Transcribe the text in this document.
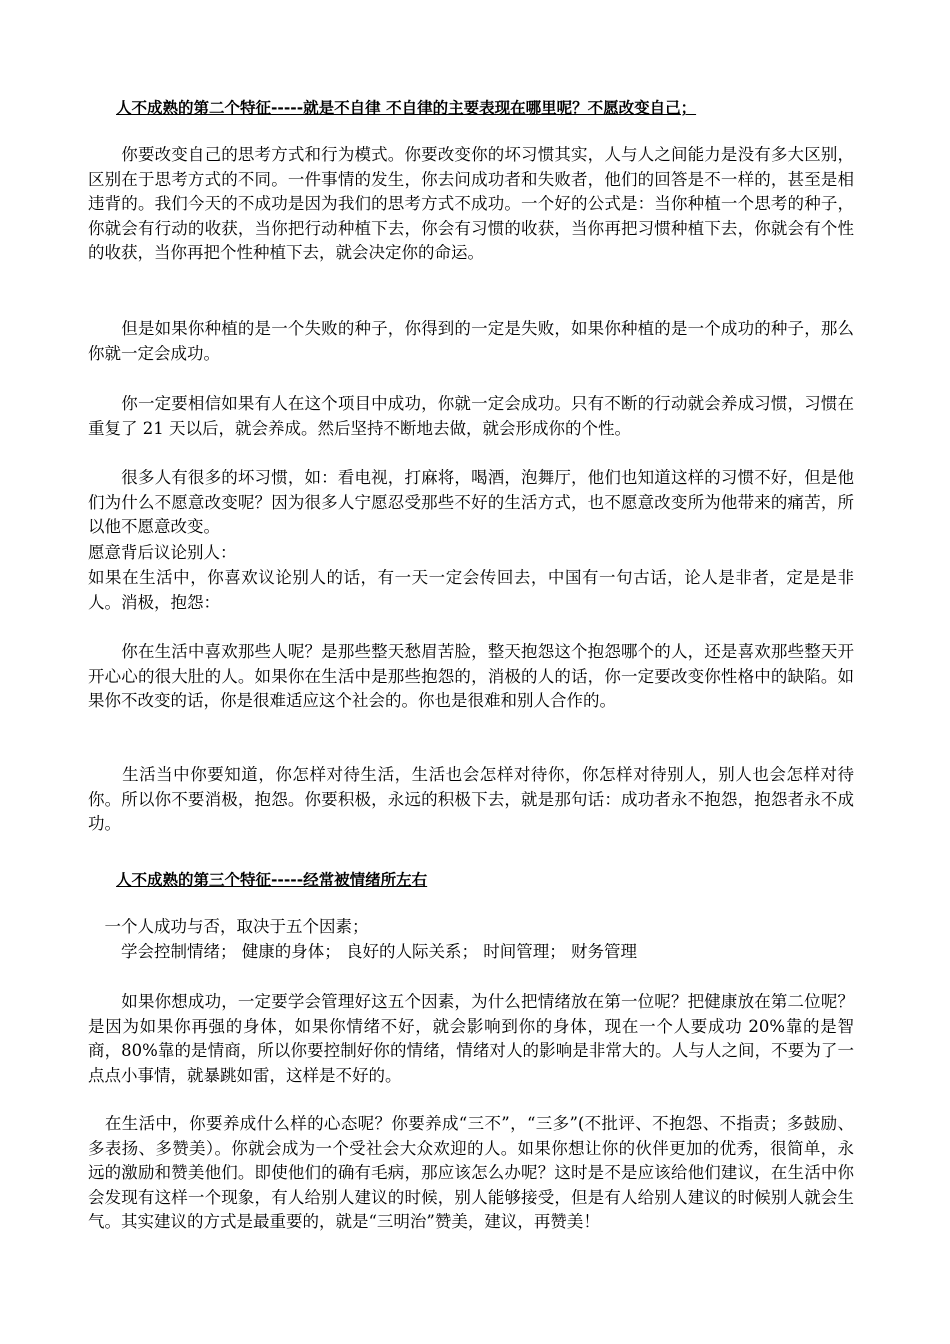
人不成熟的第二个特征-----就是不自律 不自律的主要表现在哪里呢？不愿改变自己；

　　你要改变自己的思考方式和行为模式。你要改变你的坏习惯其实，人与人之间能力是没有多大区别，区别在于思考方式的不同。一件事情的发生，你去问成功者和失败者，他们的回答是不一样的，甚至是相违背的。我们今天的不成功是因为我们的思考方式不成功。一个好的公式是：当你种植一个思考的种子，你就会有行动的收获，当你把行动种植下去，你会有习惯的收获，当你再把习惯种植下去，你就会有个性的收获，当你再把个性种植下去，就会决定你的命运。

　　但是如果你种植的是一个失败的种子，你得到的一定是失败，如果你种植的是一个成功的种子，那么你就一定会成功。

　　你一定要相信如果有人在这个项目中成功，你就一定会成功。只有不断的行动就会养成习惯，习惯在重复了 21 天以后，就会养成。然后坚持不断地去做，就会形成你的个性。

　　很多人有很多的坏习惯，如：看电视，打麻将，喝酒，泡舞厅，他们也知道这样的习惯不好，但是他们为什么不愿意改变呢？因为很多人宁愿忍受那些不好的生活方式，也不愿意改变所为他带来的痛苦，所以他不愿意改变。

愿意背后议论别人：

如果在生活中，你喜欢议论别人的话，有一天一定会传回去，中国有一句古话，论人是非者，定是是非人。消极，抱怨：

　　你在生活中喜欢那些人呢？是那些整天愁眉苦脸，整天抱怨这个抱怨哪个的人，还是喜欢那些整天开开心心的很大肚的人。如果你在生活中是那些抱怨的，消极的人的话，你一定要改变你性格中的缺陷。如果你不改变的话，你是很难适应这个社会的。你也是很难和别人合作的。

　　生活当中你要知道，你怎样对待生活，生活也会怎样对待你，你怎样对待别人，别人也会怎样对待你。所以你不要消极，抱怨。你要积极，永远的积极下去，就是那句话：成功者永不抱怨，抱怨者永不成功。

人不成熟的第三个特征-----经常被情绪所左右
　一个人成功与否，取决于五个因素；
　　学会控制情绪； 健康的身体； 良好的人际关系； 时间管理； 财务管理

　　如果你想成功，一定要学会管理好这五个因素，为什么把情绪放在第一位呢？把健康放在第二位呢？是因为如果你再强的身体，如果你情绪不好，就会影响到你的身体，现在一个人要成功 20%靠的是智商，80%靠的是情商，所以你要控制好你的情绪，情绪对人的影响是非常大的。人与人之间，不要为了一点点小事情，就暴跳如雷，这样是不好的。

　在生活中，你要养成什么样的心态呢？你要养成“三不”，“三多”(不批评、不抱怨、不指责；多鼓励、多表扬、多赞美）。你就会成为一个受社会大众欢迎的人。如果你想让你的伙伴更加的优秀，很简单，永远的激励和赞美他们。即使他们的确有毛病，那应该怎么办呢？这时是不是应该给他们建议，在生活中你会发现有这样一个现象，有人给别人建议的时候，别人能够接受，但是有人给别人建议的时候别人就会生气。其实建议的方式是最重要的，就是“三明治”赞美，建议，再赞美！
